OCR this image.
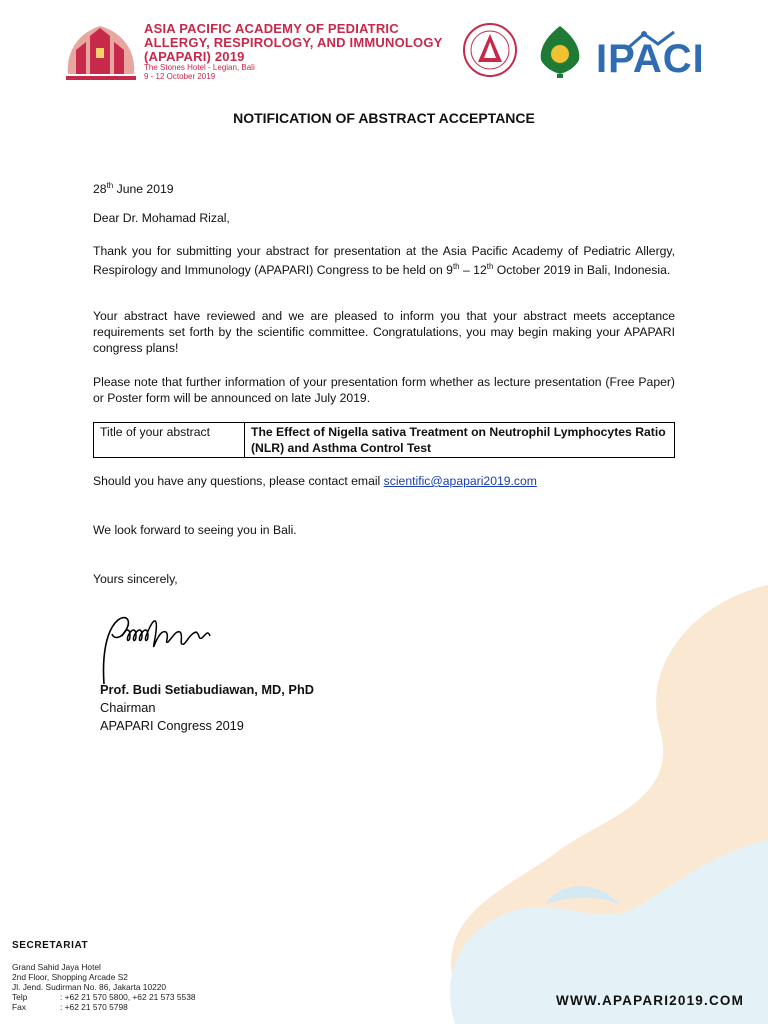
ASIA PACIFIC ACADEMY OF PEDIATRIC
ALLERGY, RESPIROLOGY, AND IMMUNOLOGY
(APAPARI) 2019
The Stones Hotel - Legian, Bali
9 - 12 October 2019	IPACI
NOTIFICATION OF ABSTRACT ACCEPTANCE
28th June 2019
Dear Dr. Mohamad Rizal,
Thank you for submitting your abstract for presentation at the Asia Pacific Academy of Pediatric Allergy, Respirology and Immunology (APAPARI) Congress to be held on 9th – 12th October 2019 in Bali, Indonesia.
Your abstract have reviewed and we are pleased to inform you that your abstract meets acceptance requirements set forth by the scientific committee. Congratulations, you may begin making your APAPARI congress plans!
Please note that further information of your presentation form whether as lecture presentation (Free Paper) or Poster form will be announced on late July 2019.
Title of your abstract	The Effect of Nigella sativa Treatment on Neutrophil Lymphocytes Ratio (NLR) and Asthma Control Test
Should you have any questions, please contact email scientific@apapari2019.com
We look forward to seeing you in Bali.
Yours sincerely,
Prof. Budi Setiabudiawan, MD, PhD
Chairman
APAPARI Congress 2019
SECRETARIAT
Grand Sahid Jaya Hotel
2nd Floor, Shopping Arcade S2
Jl. Jend. Sudirman No. 86, Jakarta 10220
Telp	: +62 21 570 5800, +62 21 573 5538
Fax	: +62 21 570 5798	WWW.APAPARI2019.COM
